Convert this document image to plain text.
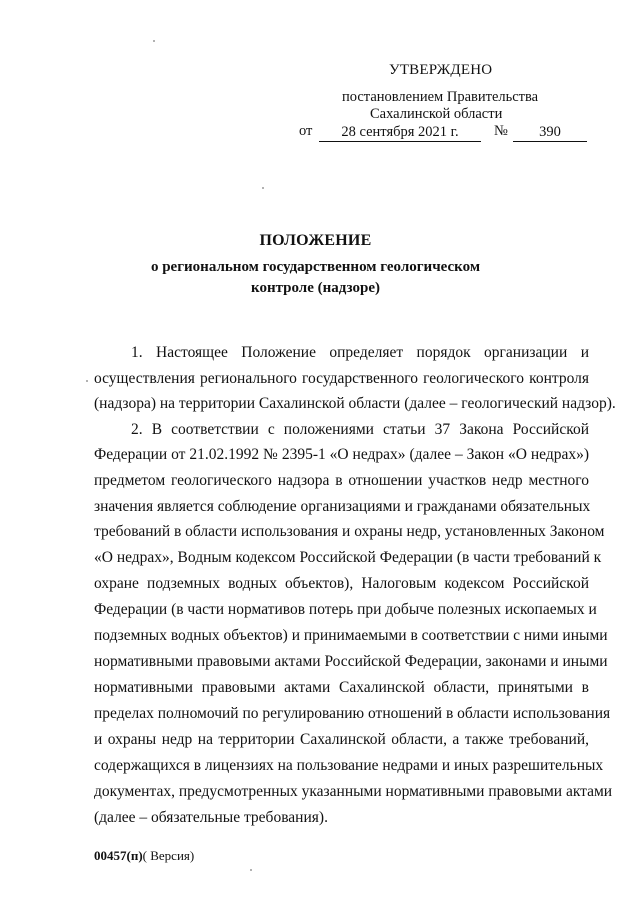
УТВЕРЖДЕНО
постановлением Правительства
Сахалинской области
от	28 сентября 2021 г.	№	390
ПОЛОЖЕНИЕ
о региональном государственном геологическом
контроле (надзоре)
1. Настоящее Положение определяет порядок организации и
осуществления регионального государственного геологического контроля
(надзора) на территории Сахалинской области (далее – геологический надзор).
2. В соответствии с положениями статьи 37 Закона Российской
Федерации от 21.02.1992 № 2395-1 «О недрах» (далее – Закон «О недрах»)
предметом геологического надзора в отношении участков недр местного
значения является соблюдение организациями и гражданами обязательных
требований в области использования и охраны недр, установленных Законом
«О недрах», Водным кодексом Российской Федерации (в части требований к
охране подземных водных объектов), Налоговым кодексом Российской
Федерации (в части нормативов потерь при добыче полезных ископаемых и
подземных водных объектов) и принимаемыми в соответствии с ними иными
нормативными правовыми актами Российской Федерации, законами и иными
нормативными правовыми актами Сахалинской области, принятыми в
пределах полномочий по регулированию отношений в области использования
и охраны недр на территории Сахалинской области, а также требований,
содержащихся в лицензиях на пользование недрами и иных разрешительных
документах, предусмотренных указанными нормативными правовыми актами
(далее – обязательные требования).
00457(п)( Версия)
